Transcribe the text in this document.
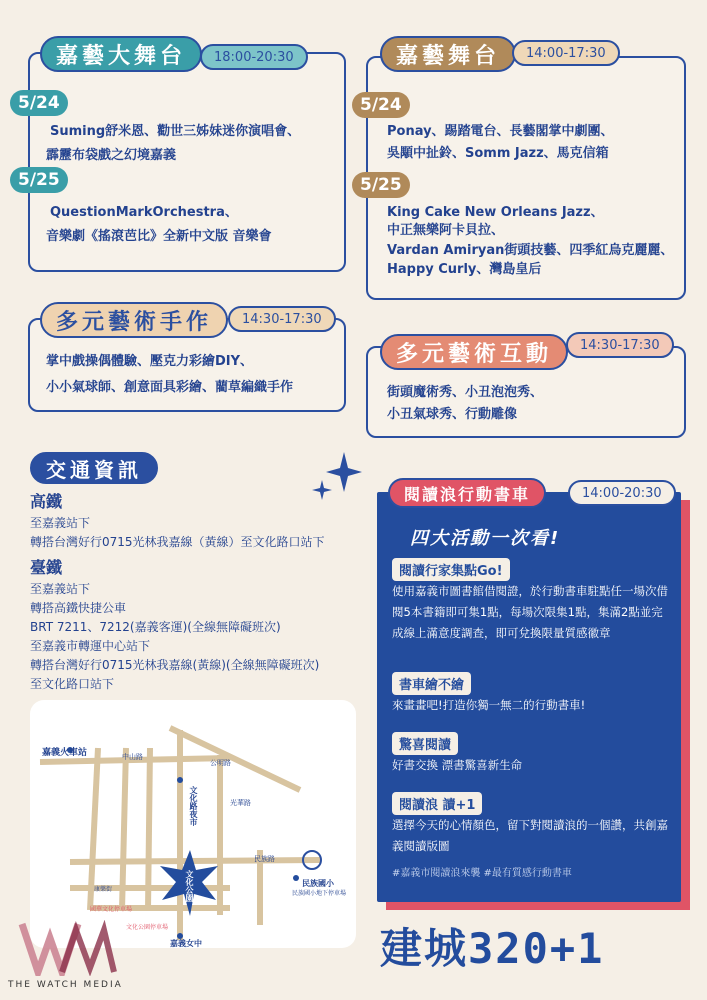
嘉藝大舞台	18:00-20:30
5/24
Suming舒米恩、勸世三姊妹迷你演唱會、
霹靂布袋戲之幻境嘉義
5/25
QuestionMarkOrchestra、
音樂劇《搖滾芭比》全新中文版 音樂會
嘉藝舞台	14:00-17:30
5/24
Ponay、踢踏電台、長藝閣掌中劇團、
吳顒中扯鈴、Somm Jazz、馬克信箱
5/25
King Cake New Orleans Jazz、
中正無樂阿卡貝拉、
Vardan Amiryan街頭技藝、四季紅烏克麗麗、
Happy Curly、灣島皇后
多元藝術手作	14:30-17:30
掌中戲操偶體驗、壓克力彩繪DIY、
小小氣球師、創意面具彩繪、藺草編織手作
多元藝術互動	14:30-17:30
街頭魔術秀、小丑泡泡秀、
小丑氣球秀、行動雕像
交通資訊
高鐵
至嘉義站下
轉搭台灣好行0715光林我嘉線（黃線）至文化路口站下
臺鐵
至嘉義站下
轉搭高鐵快捷公車
BRT 7211、7212(嘉義客運)(全線無障礙班次)
至嘉義市轉運中心站下
轉搭台灣好行0715光林我嘉線(黃線)(全線無障礙班次)
至文化路口站下
嘉義火車站	中山路
公明路
光華路
文化路夜市
文化公園
民族路
民族國小
民族國小地下停車場
嘉義女中
康樂街
國華文化停車場
文化公園停車場
閱讀浪行動書車	14:00-20:30
四大活動一次看!
閱讀行家集點Go!
使用嘉義市圖書館借閱證，於行動書車駐點任一場次借閱5本書籍即可集1點，每場次限集1點，集滿2點並完成線上滿意度調查，即可兌換限量質感徽章
書車繪不繪
來畫畫吧!打造你獨一無二的行動書車!
驚喜閱讀
好書交換 漂書驚喜新生命
閱讀浪 讀+1
選擇今天的心情顏色，留下對閱讀浪的一個讚，共創嘉義閱讀版圖
#嘉義市閱讀浪來襲 #最有質感行動書車
建城320+1
THE WATCH MEDIA
